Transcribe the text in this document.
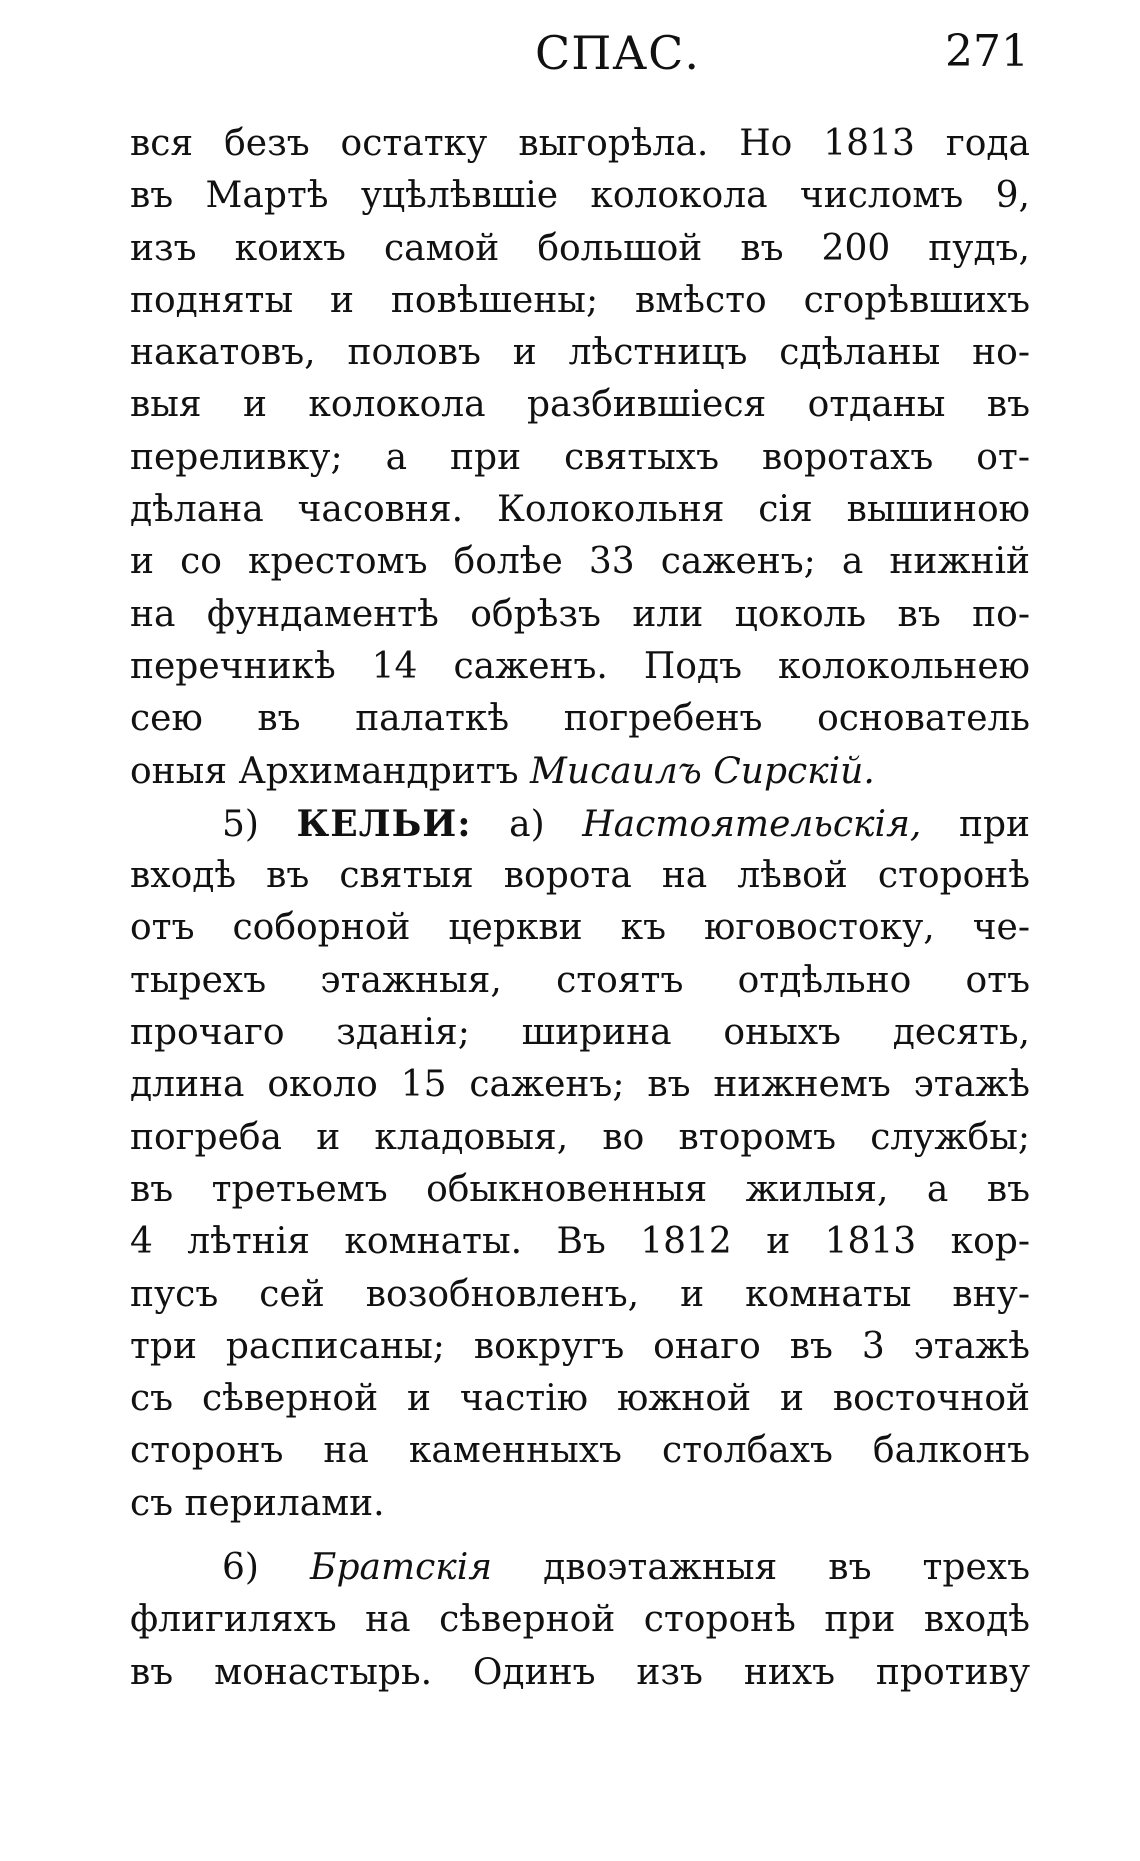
СПАС.	271
вся безъ остатку выгорѣла. Но 1813 года
въ Мартѣ уцѣлѣвшіе колокола числомъ 9,
изъ коихъ самой большой въ 200 пудъ,
подняты и повѣшены; вмѣсто сгорѣвшихъ
накатовъ, половъ и лѣстницъ сдѣланы но-
выя и колокола разбившіеся отданы въ
переливку; а при святыхъ воротахъ от-
дѣлана часовня. Колокольня сія вышиною
и со крестомъ болѣе 33 саженъ; а нижній
на фундаментѣ обрѣзъ или цоколь въ по-
перечникѣ 14 саженъ. Подъ колокольнею
сею въ палаткѣ погребенъ основатель
оныя Архимандритъ Мисаилъ Сирскій.
5) КЕЛЬИ: а) Настоятельскія, при
входѣ въ святыя ворота на лѣвой сторонѣ
отъ соборной церкви къ юговостоку, че-
тырехъ этажныя, стоятъ отдѣльно отъ
прочаго зданія; ширина оныхъ десять,
длина около 15 саженъ; въ нижнемъ этажѣ
погреба и кладовыя, во второмъ службы;
въ третьемъ обыкновенныя жилыя, а въ
4 лѣтнія комнаты. Въ 1812 и 1813 кор-
пусъ сей возобновленъ, и комнаты вну-
три расписаны; вокругъ онаго въ 3 этажѣ
съ сѣверной и частію южной и восточной
сторонъ на каменныхъ столбахъ балконъ
съ перилами.
6) Братскія двоэтажныя въ трехъ
флигиляхъ на сѣверной сторонѣ при входѣ
въ монастырь. Одинъ изъ нихъ противу
